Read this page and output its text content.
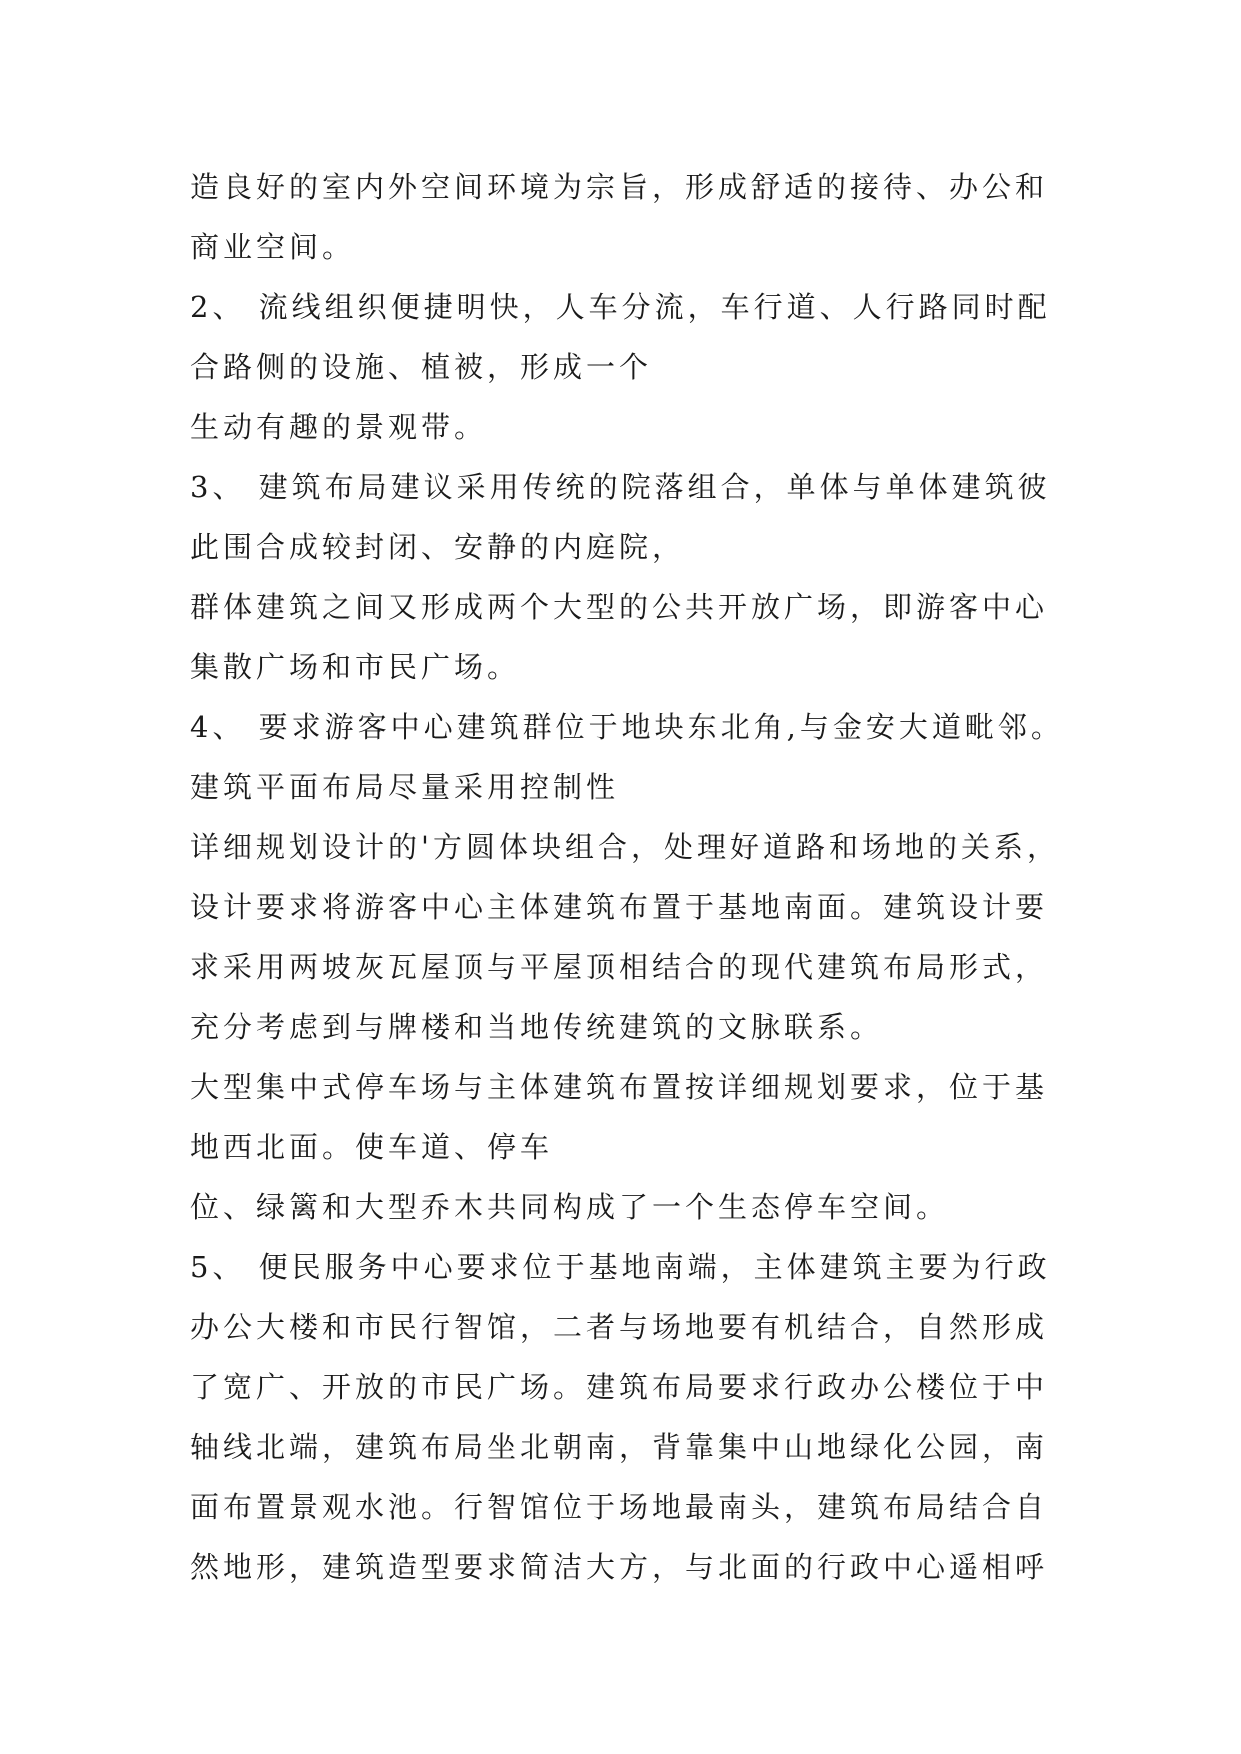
造良好的室内外空间环境为宗旨，形成舒适的接待、办公和
商业空间。
2、 流线组织便捷明快，人车分流，车行道、人行路同时配
合路侧的设施、植被，形成一个
生动有趣的景观带。
3、 建筑布局建议采用传统的院落组合，单体与单体建筑彼
此围合成较封闭、安静的内庭院，
群体建筑之间又形成两个大型的公共开放广场，即游客中心
集散广场和市民广场。
4、 要求游客中心建筑群位于地块东北角,与金安大道毗邻。
建筑平面布局尽量采用控制性
详细规划设计的'方圆体块组合，处理好道路和场地的关系，
设计要求将游客中心主体建筑布置于基地南面。建筑设计要
求采用两坡灰瓦屋顶与平屋顶相结合的现代建筑布局形式，
充分考虑到与牌楼和当地传统建筑的文脉联系。
大型集中式停车场与主体建筑布置按详细规划要求，位于基
地西北面。使车道、停车
位、绿篱和大型乔木共同构成了一个生态停车空间。
5、 便民服务中心要求位于基地南端，主体建筑主要为行政
办公大楼和市民行智馆，二者与场地要有机结合，自然形成
了宽广、开放的市民广场。建筑布局要求行政办公楼位于中
轴线北端，建筑布局坐北朝南，背靠集中山地绿化公园，南
面布置景观水池。行智馆位于场地最南头，建筑布局结合自
然地形，建筑造型要求简洁大方，与北面的行政中心遥相呼
